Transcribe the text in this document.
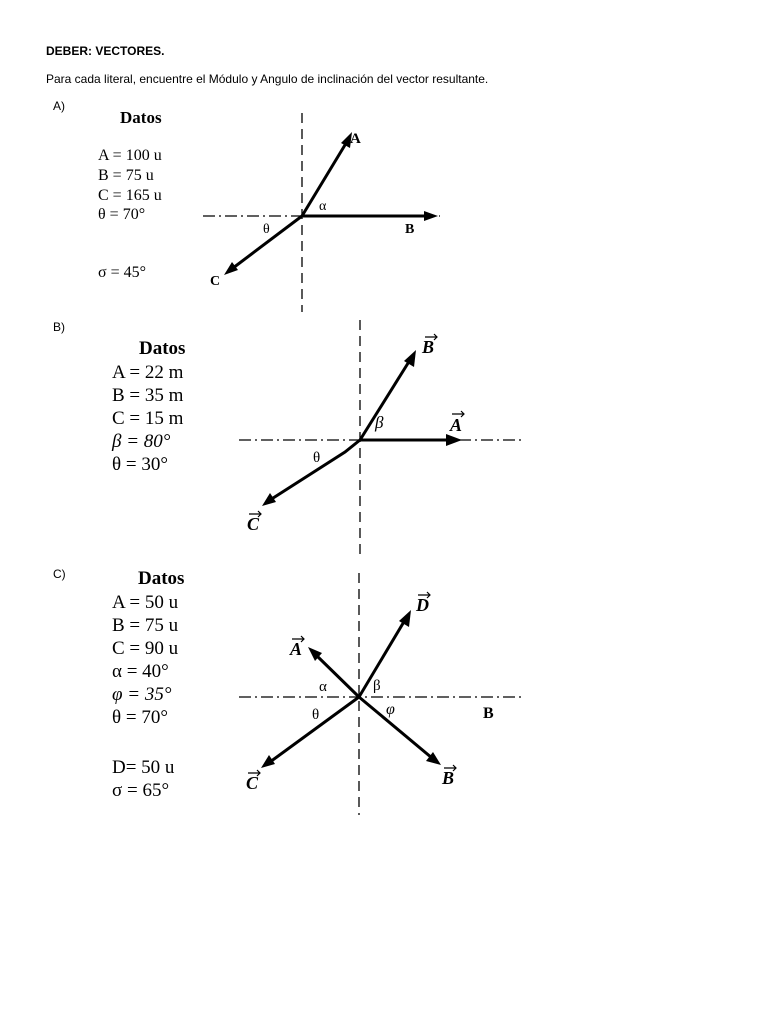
DEBER: VECTORES.
Para cada literal, encuentre el Módulo y Angulo de inclinación del vector resultante.
A)
Datos
A = 100 u
B = 75 u
C = 165 u
θ = 70°
σ = 45°
A
B
C
α
θ
B
A
C
β
θ
D
A
B
C
B
α	β
φ
θ
B)
Datos
A = 22 m
B = 35 m
C = 15 m
β = 80°
θ = 30°
C)	Datos
A = 50 u
B = 75 u
C = 90 u
α = 40°
φ = 35°
θ = 70°
D= 50 u
σ = 65°
